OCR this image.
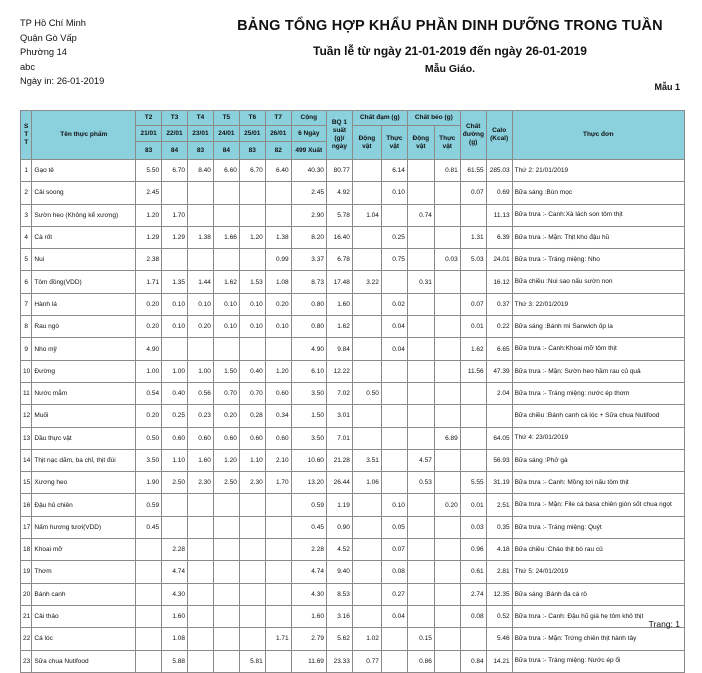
TP Hồ Chí Minh
Quận Gò Vấp
Phường 14
abc
Ngày in: 26-01-2019
BẢNG TỔNG HỢP KHẨU PHẦN DINH DƯỠNG TRONG TUẦN
Tuần lễ từ ngày 21-01-2019 đến ngày 26-01-2019
Mẫu Giáo.
Mẫu 1
S
T
T	Tên thực phẩm	T2	T3	T4	T5	T6	T7	Cộng	BQ 1 suất (g)/ ngày	Chất đạm (g)		Chất béo (g)		Chất đường (g)	Calo (Kcal)	Thực đơn
		21/01	22/01	23/01	24/01	25/01	26/01	6 Ngày		Động vật	Thực vật	Động vật	Thực vật			
		83	84	83	84	83	82	499 Xuất								
1	Gạo tẻ	5.50	6.70	8.40	6.60	6.70	6.40	40.30	80.77		6.14		0.81	61.55	285.03	Thứ 2: 21/01/2019
2	Cải soong	2.45						2.45	4.92		0.10			0.07	0.69	Bữa sáng :Bún mọc
3	Sườn heo (Không kể xương)	1.20	1.70					2.90	5.78	1.04		0.74			11.13	Bữa trưa :- Canh:Xà lách son tôm thịt
4	Cà rốt	1.29	1.29	1.38	1.66	1.20	1.38	8.20	16.40		0.25			1.31	6.39	Bữa trưa :- Mặn: Thịt kho đậu hũ
5	Nui	2.38					0.99	3.37	6.78		0.75		0.03	5.03	24.01	Bữa trưa :- Tráng miệng: Nho
6	Tôm đồng(VDD)	1.71	1.35	1.44	1.62	1.53	1.08	8.73	17.48	3.22		0.31			16.12	Bữa chiều :Nui sao nấu sườn non
7	Hành lá	0.20	0.10	0.10	0.10	0.10	0.20	0.80	1.60		0.02			0.07	0.37	Thứ 3: 22/01/2019
8	Rau ngò	0.20	0.10	0.20	0.10	0.10	0.10	0.80	1.62		0.04			0.01	0.22	Bữa sáng :Bánh mì Sanwich ốp la
9	Nho mỹ	4.90						4.90	9.84		0.04			1.62	6.65	Bữa trưa :- Canh:Khoai mỡ tôm thịt
10	Đường	1.00	1.00	1.00	1.50	0.40	1.20	6.10	12.22					11.56	47.39	Bữa trưa :- Mặn: Sườn heo hầm rau củ quả
11	Nước mắm	0.54	0.40	0.56	0.70	0.70	0.60	3.50	7.02	0.50					2.04	Bữa trưa :- Tráng miệng: nước ép thơm
12	Muối	0.20	0.25	0.23	0.20	0.28	0.34	1.50	3.01							Bữa chiều :Bánh canh cá lóc + Sữa chua Nutifood
13	Dầu thực vật	0.50	0.60	0.60	0.60	0.60	0.60	3.50	7.01				6.89		64.05	Thứ 4: 23/01/2019
14	Thịt nạc dăm, ba chỉ, thịt đùi	3.50	1.10	1.60	1.20	1.10	2.10	10.60	21.28	3.51		4.57			56.93	Bữa sáng :Phở gà
15	Xương heo	1.90	2.50	2.30	2.50	2.30	1.70	13.20	26.44	1.06		0.53		5.55	31.19	Bữa trưa :- Canh: Mồng tơi nấu tôm thịt
16	Đậu hủ chiên	0.59						0.59	1.19		0.10		0.20	0.01	2.51	Bữa trưa :- Mặn: File cá basa chiên giòn sốt chua ngọt
17	Nấm hương tươi(VDD)	0.45						0.45	0.90		0.05			0.03	0.35	Bữa trưa :- Tráng miệng: Quýt
18	Khoai mỡ		2.28					2.28	4.52		0.07			0.96	4.18	Bữa chiều :Cháo thịt bò rau củ
19	Thơm		4.74					4.74	9.40		0.08			0.61	2.81	Thứ 5: 24/01/2019
20	Bánh canh		4.30					4.30	8.53		0.27			2.74	12.35	Bữa sáng :Bánh đa cá rô
21	Cải thảo		1.60					1.60	3.16		0.04			0.08	0.52	Bữa trưa :- Canh: Đậu hũ giá hẹ tôm khô thịt
22	Cá lóc		1.08				1.71	2.79	5.62	1.02		0.15			5.46	Bữa trưa :- Mặn: Trứng chiên thịt hành tây
23	Sữa chua Nutifood		5.88			5.81		11.69	23.33	0.77		0.86		0.84	14.21	Bữa trưa :- Tráng miệng: Nước ép ổi
Trang: 1
